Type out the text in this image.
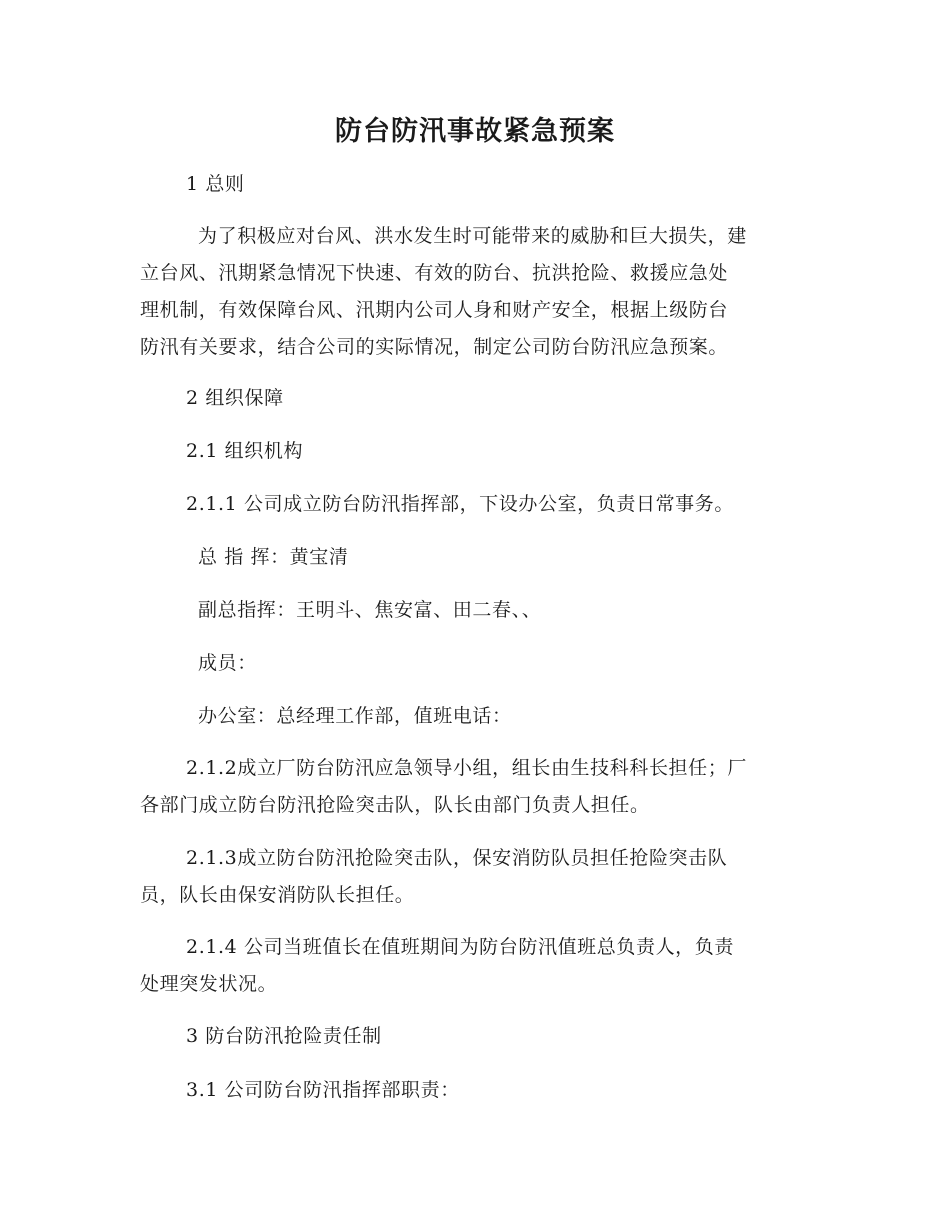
防台防汛事故紧急预案
1 总则
为了积极应对台风、洪水发生时可能带来的威胁和巨大损失，建
立台风、汛期紧急情况下快速、有效的防台、抗洪抢险、救援应急处
理机制，有效保障台风、汛期内公司人身和财产安全，根据上级防台
防汛有关要求，结合公司的实际情况，制定公司防台防汛应急预案。
2 组织保障
2.1 组织机构
2.1.1 公司成立防台防汛指挥部，下设办公室，负责日常事务。
总 指 挥：黄宝清
副总指挥：王明斗、焦安富、田二春、、
成员：
办公室：总经理工作部，值班电话：
2.1.2成立厂防台防汛应急领导小组，组长由生技科科长担任；厂
各部门成立防台防汛抢险突击队，队长由部门负责人担任。
2.1.3成立防台防汛抢险突击队，保安消防队员担任抢险突击队
员，队长由保安消防队长担任。
2.1.4 公司当班值长在值班期间为防台防汛值班总负责人，负责
处理突发状况。
3 防台防汛抢险责任制
3.1 公司防台防汛指挥部职责：
